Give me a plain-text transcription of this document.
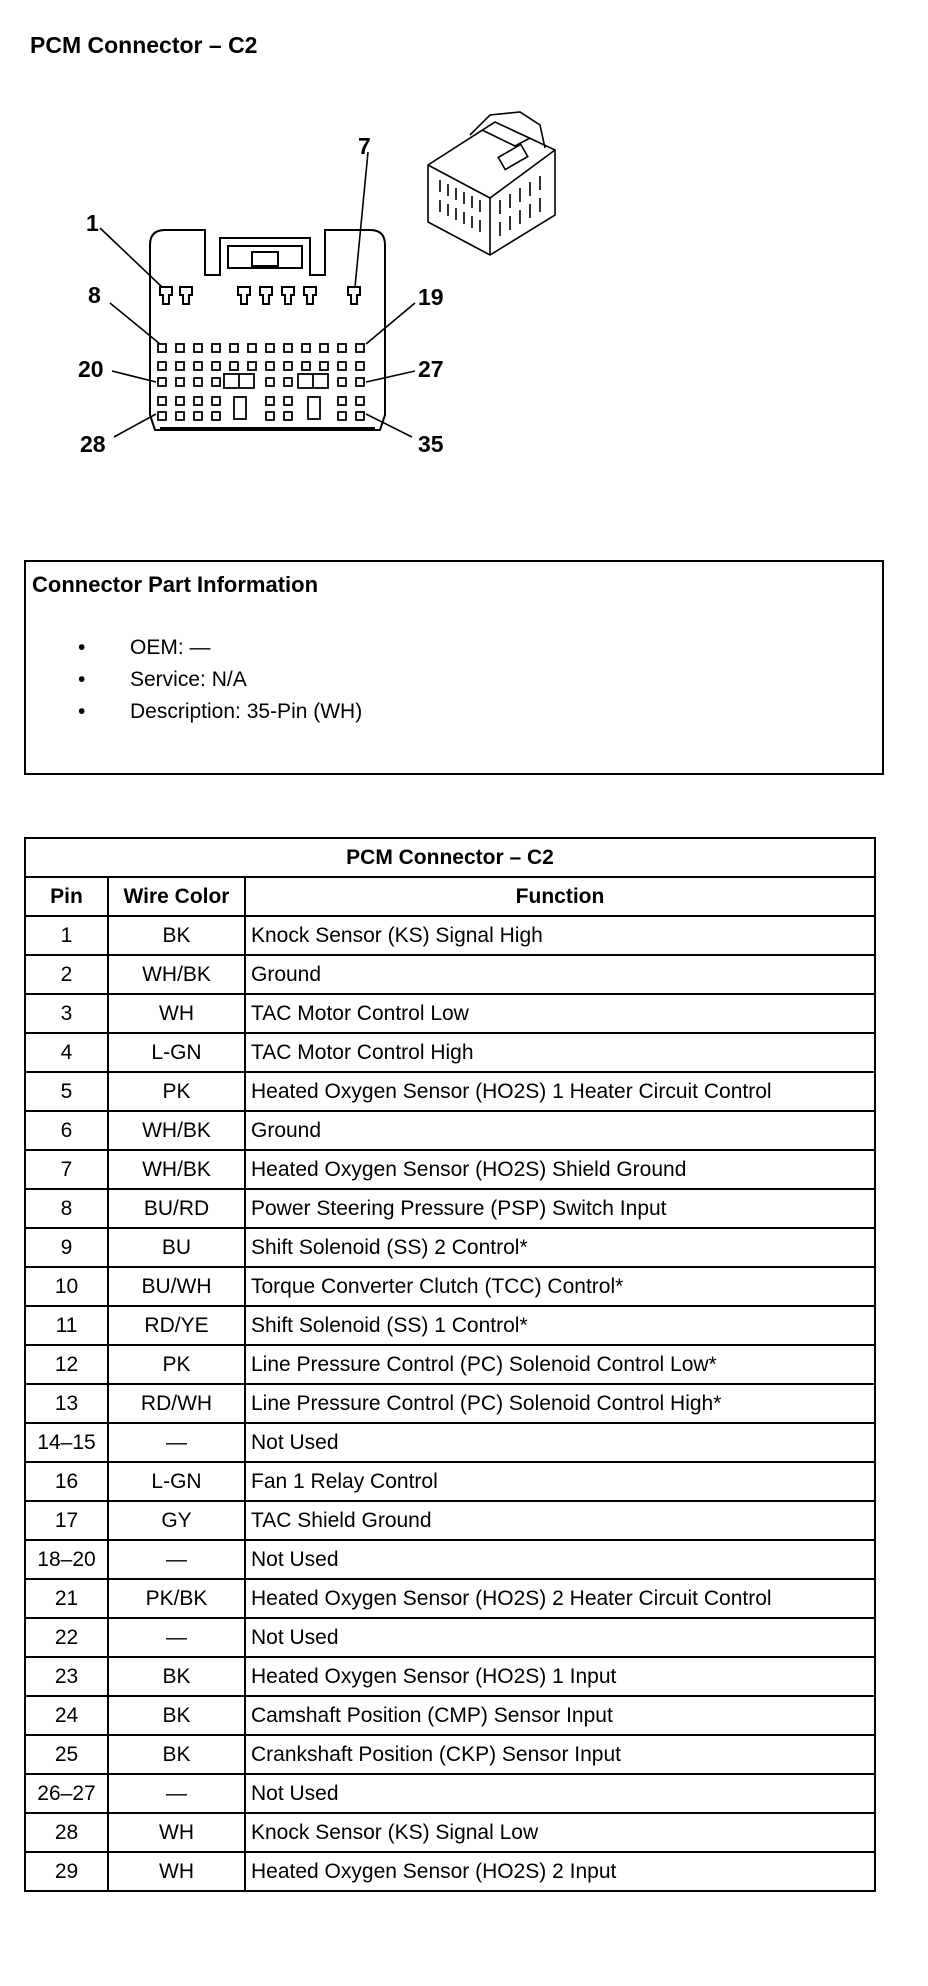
PCM Connector – C2
1
7
8	19
20	27
28	35
Connector Part Information
• OEM: —
• Service: N/A
• Description: 35-Pin (WH)
PCM Connector – C2		
Pin	Wire Color	Function
1	BK	Knock Sensor (KS) Signal High
2	WH/BK	Ground
3	WH	TAC Motor Control Low
4	L-GN	TAC Motor Control High
5	PK	Heated Oxygen Sensor (HO2S) 1 Heater Circuit Control
6	WH/BK	Ground
7	WH/BK	Heated Oxygen Sensor (HO2S) Shield Ground
8	BU/RD	Power Steering Pressure (PSP) Switch Input
9	BU	Shift Solenoid (SS) 2 Control*
10	BU/WH	Torque Converter Clutch (TCC) Control*
11	RD/YE	Shift Solenoid (SS) 1 Control*
12	PK	Line Pressure Control (PC) Solenoid Control Low*
13	RD/WH	Line Pressure Control (PC) Solenoid Control High*
14–15	—	Not Used
16	L-GN	Fan 1 Relay Control
17	GY	TAC Shield Ground
18–20	—	Not Used
21	PK/BK	Heated Oxygen Sensor (HO2S) 2 Heater Circuit Control
22	—	Not Used
23	BK	Heated Oxygen Sensor (HO2S) 1 Input
24	BK	Camshaft Position (CMP) Sensor Input
25	BK	Crankshaft Position (CKP) Sensor Input
26–27	—	Not Used
28	WH	Knock Sensor (KS) Signal Low
29	WH	Heated Oxygen Sensor (HO2S) 2 Input
